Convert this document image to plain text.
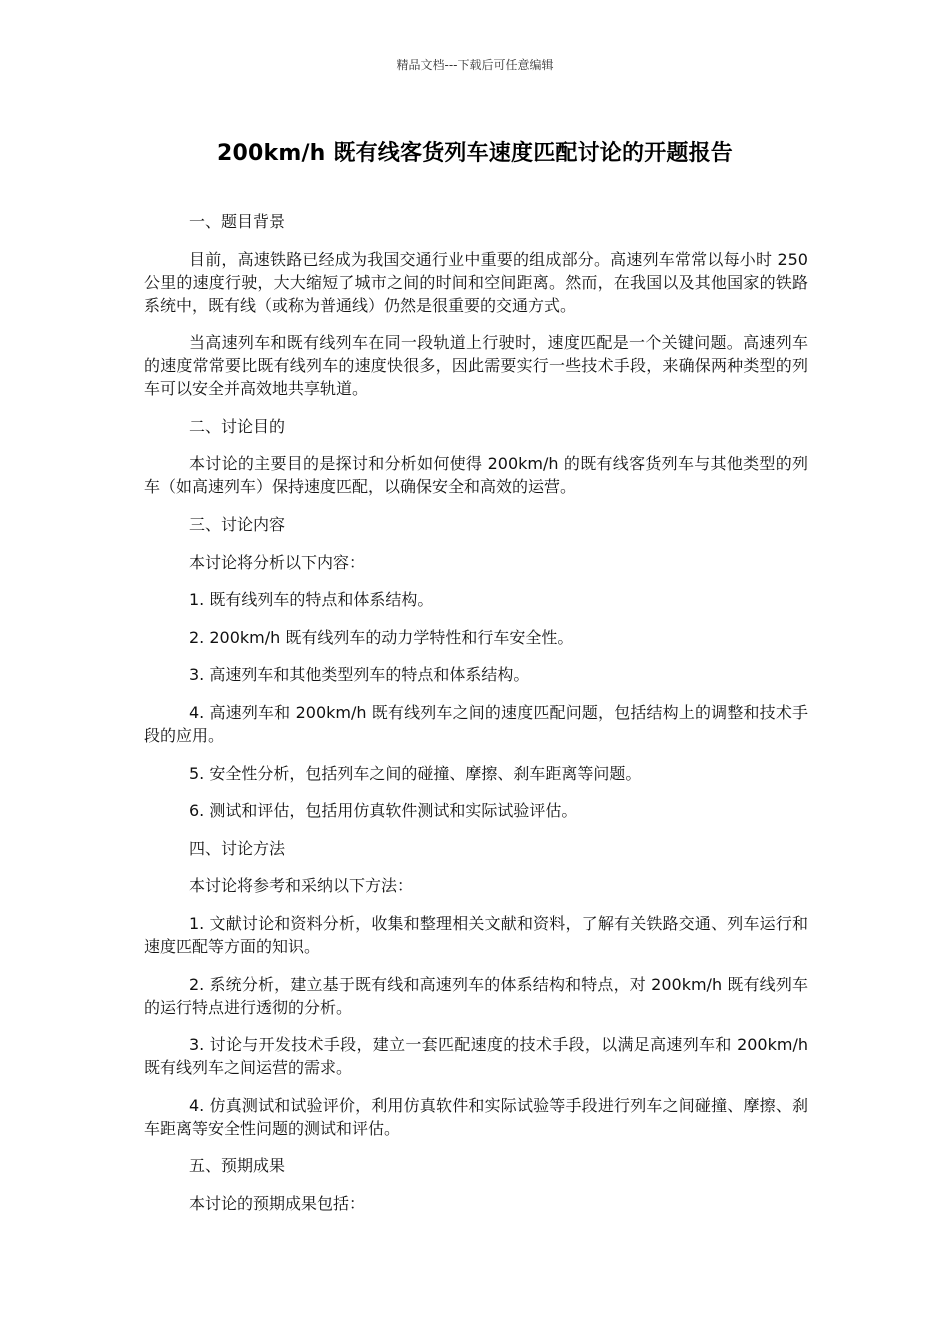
精品文档---下载后可任意编辑
200km/h 既有线客货列车速度匹配讨论的开题报告

一、题目背景

目前，高速铁路已经成为我国交通行业中重要的组成部分。高速列车常常以每小时 250 公里的速度行驶，大大缩短了城市之间的时间和空间距离。然而，在我国以及其他国家的铁路系统中，既有线（或称为普通线）仍然是很重要的交通方式。

当高速列车和既有线列车在同一段轨道上行驶时，速度匹配是一个关键问题。高速列车的速度常常要比既有线列车的速度快很多，因此需要实行一些技术手段，来确保两种类型的列车可以安全并高效地共享轨道。

二、讨论目的

本讨论的主要目的是探讨和分析如何使得 200km/h 的既有线客货列车与其他类型的列车（如高速列车）保持速度匹配，以确保安全和高效的运营。

三、讨论内容

本讨论将分析以下内容：

1. 既有线列车的特点和体系结构。

2. 200km/h 既有线列车的动力学特性和行车安全性。

3. 高速列车和其他类型列车的特点和体系结构。

4. 高速列车和 200km/h 既有线列车之间的速度匹配问题，包括结构上的调整和技术手段的应用。

5. 安全性分析，包括列车之间的碰撞、摩擦、刹车距离等问题。

6. 测试和评估，包括用仿真软件测试和实际试验评估。

四、讨论方法

本讨论将参考和采纳以下方法：

1. 文献讨论和资料分析，收集和整理相关文献和资料，了解有关铁路交通、列车运行和速度匹配等方面的知识。

2. 系统分析，建立基于既有线和高速列车的体系结构和特点，对 200km/h 既有线列车的运行特点进行透彻的分析。

3. 讨论与开发技术手段，建立一套匹配速度的技术手段，以满足高速列车和 200km/h 既有线列车之间运营的需求。

4. 仿真测试和试验评价，利用仿真软件和实际试验等手段进行列车之间碰撞、摩擦、刹车距离等安全性问题的测试和评估。

五、预期成果

本讨论的预期成果包括：
